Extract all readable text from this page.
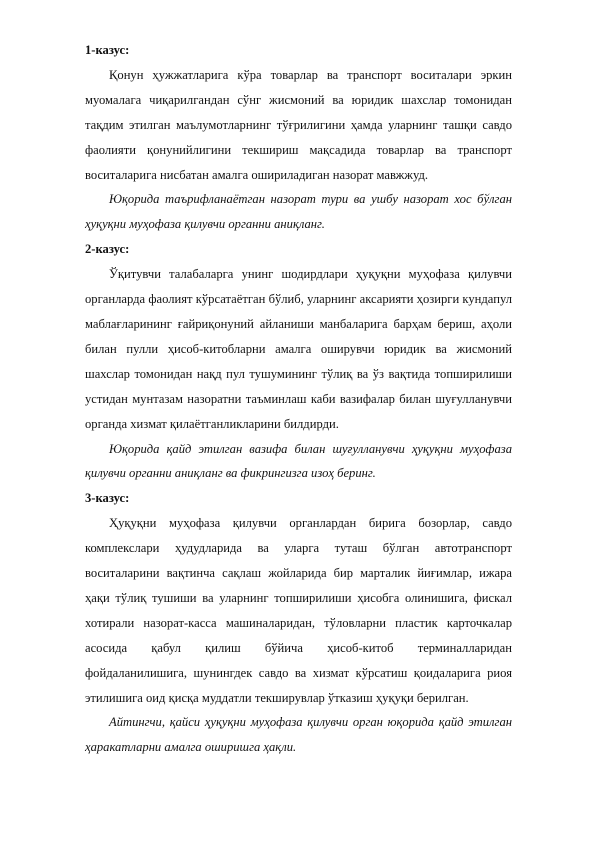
1-казус:

Қонун ҳужжатларига кўра товарлар ва транспорт воситалари эркин муомалага чиқарилгандан сўнг жисмоний ва юридик шахслар томонидан тақдим этилган маълумотларнинг тўғрилигини ҳамда уларнинг ташқи савдо фаолияти қонунийлигини текшириш мақсадида товарлар ва транспорт воситаларига нисбатан амалга ошириладиган назорат мавжжуд.

Юқорида таърифланаётган назорат тури ва ушбу назорат хос бўлган ҳуқуқни муҳофаза қилувчи органни аниқланг.

2-казус:

Ўқитувчи талабаларга унинг шодирдлари ҳуқуқни муҳофаза қилувчи органларда фаолият кўрсатаётган бўлиб, уларнинг аксарияти ҳозирги кундапул маблағларининг ғайриқонуний айланиши манбаларига барҳам бериш, аҳоли билан пулли ҳисоб-китобларни амалга оширувчи юридик ва жисмоний шахслар томонидан нақд пул тушумининг тўлиқ ва ўз вақтида топширилиши устидан мунтазам назоратни таъминлаш каби вазифалар билан шуғулланувчи органда хизмат қилаётганликларини билдирди.

Юқорида қайд этилган вазифа билан шуғулланувчи ҳуқуқни муҳофаза қилувчи органни аниқланг ва фикрингизга изоҳ беринг.

3-казус:

Ҳуқуқни муҳофаза қилувчи органлардан бирига бозорлар, савдо комплекслари ҳудудларида ва уларга туташ бўлган автотранспорт воситаларини вақтинча сақлаш жойларида бир марталик йиғимлар, ижара ҳақи тўлиқ тушиши ва уларнинг топширилиши ҳисобга олинишига, фискал хотирали назорат-касса машиналаридан, тўловларни пластик карточкалар асосида қабул қилиш бўйича ҳисоб-китоб терминалларидан фойдаланилишига, шунингдек савдо ва хизмат кўрсатиш қоидаларига риоя этилишига оид қисқа муддатли текширувлар ўтказиш ҳуқуқи берилган.

Айтингчи, қайси ҳуқуқни муҳофаза қилувчи орган юқорида қайд этилган ҳаракатларни амалга оширишга ҳақли.
